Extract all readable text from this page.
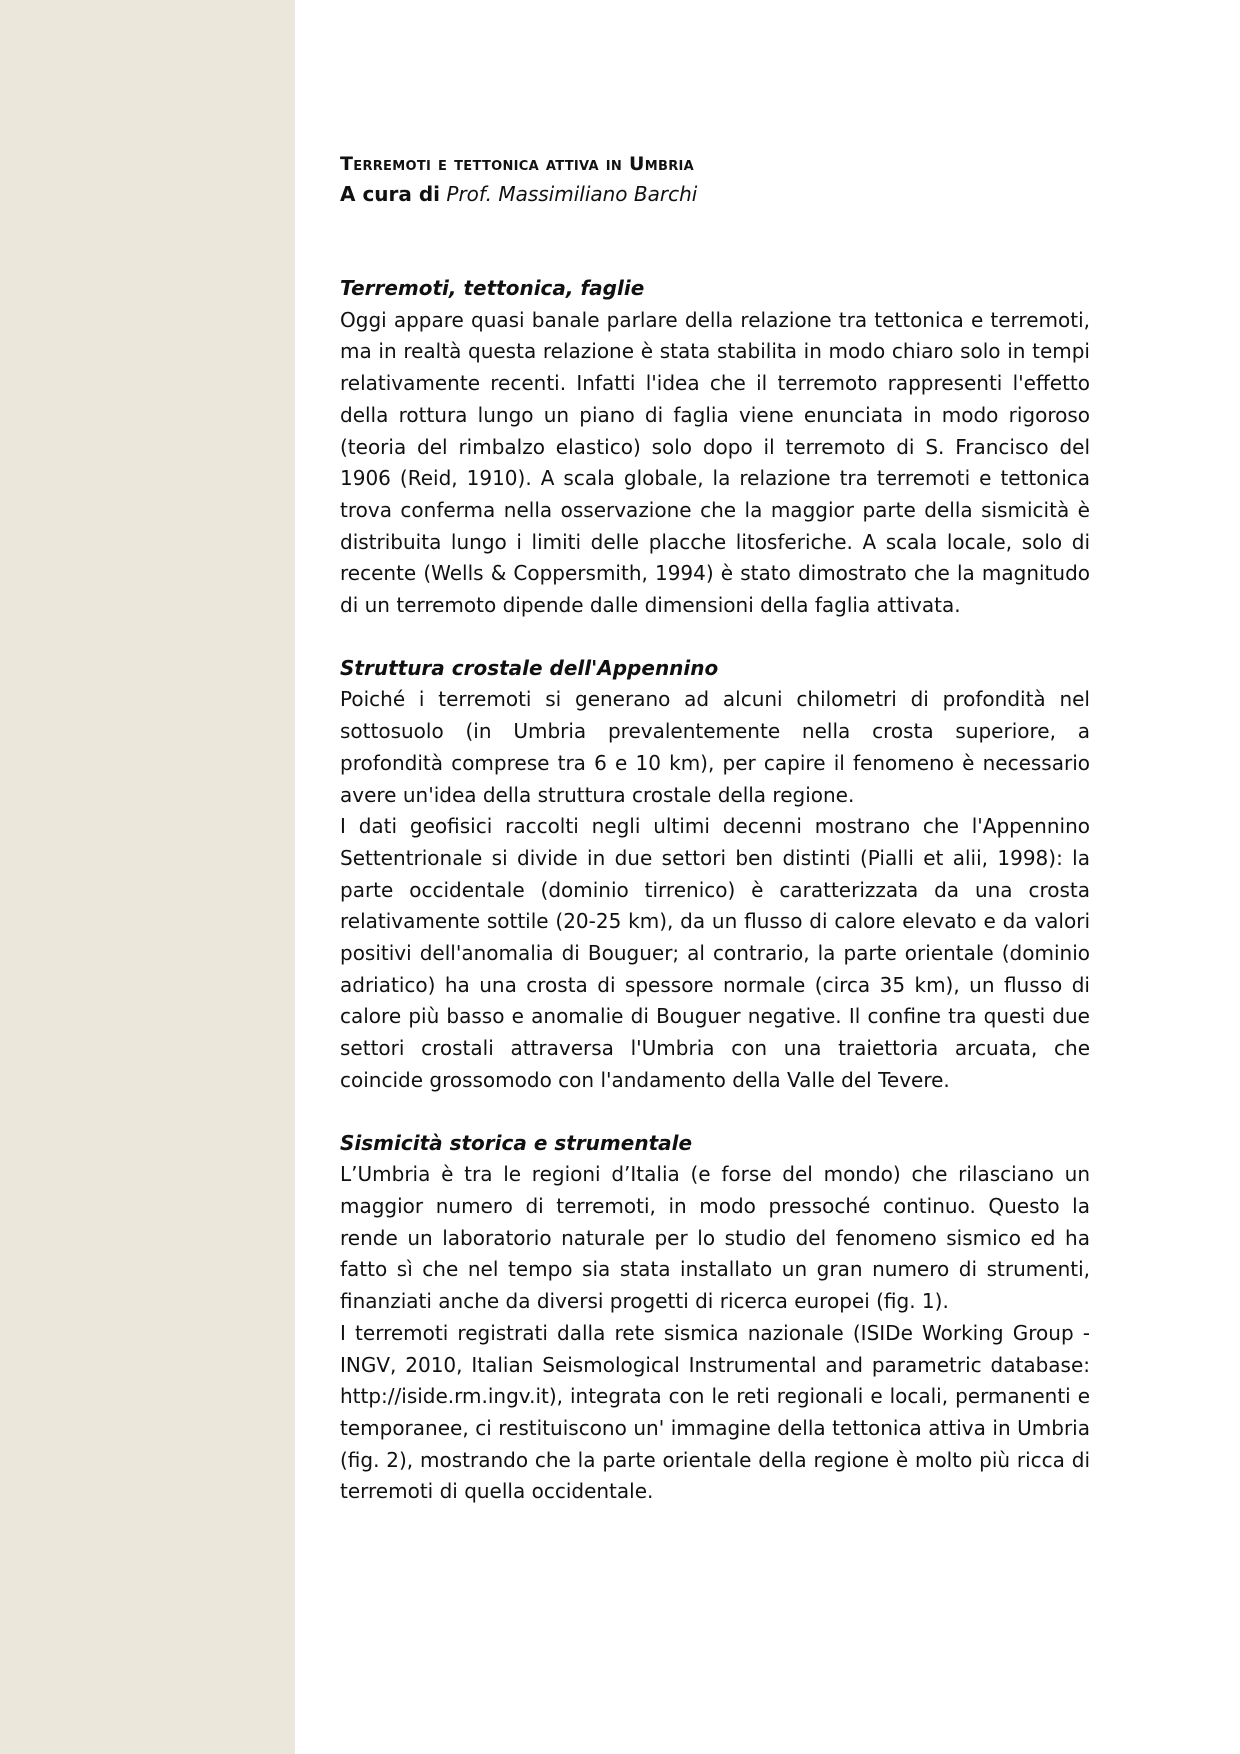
Terremoti e tettonica attiva in Umbria

A cura di Prof. Massimiliano Barchi

Terremoti, tettonica, faglie

Oggi appare quasi banale parlare della relazione tra tettonica e terremoti, ma in realtà questa relazione è stata stabilita in modo chiaro solo in tempi relativamente recenti. Infatti l'idea che il terremoto rappresenti l'effetto della rottura lungo un piano di faglia viene enunciata in modo rigoroso (teoria del rimbalzo elastico) solo dopo il terremoto di S. Francisco del 1906 (Reid, 1910). A scala globale, la relazione tra terremoti e tettonica trova conferma nella osservazione che la maggior parte della sismicità è distribuita lungo i limiti delle placche litosferiche. A scala locale, solo di recente (Wells & Coppersmith, 1994) è stato dimostrato che la magnitudo di un terremoto dipende dalle dimensioni della faglia attivata.

Struttura crostale dell'Appennino

Poiché i terremoti si generano ad alcuni chilometri di profondità nel sottosuolo (in Umbria prevalentemente nella crosta superiore, a profondità comprese tra 6 e 10 km), per capire il fenomeno è necessario avere un'idea della struttura crostale della regione.

I dati geofisici raccolti negli ultimi decenni mostrano che l'Appennino Settentrionale si divide in due settori ben distinti (Pialli et alii, 1998): la parte occidentale (dominio tirrenico) è caratterizzata da una crosta relativamente sottile (20-25 km), da un flusso di calore elevato e da valori positivi dell'anomalia di Bouguer; al contrario, la parte orientale (dominio adriatico) ha una crosta di spessore normale (circa 35 km), un flusso di calore più basso e anomalie di Bouguer negative. Il confine tra questi due settori crostali attraversa l'Umbria con una traiettoria arcuata, che coincide grossomodo con l'andamento della Valle del Tevere.

Sismicità storica e strumentale

L’Umbria è tra le regioni d’Italia (e forse del mondo) che rilasciano un maggior numero di terremoti, in modo pressoché continuo. Questo la rende un laboratorio naturale per lo studio del fenomeno sismico ed ha fatto sì che nel tempo sia stata installato un gran numero di strumenti, finanziati anche da diversi progetti di ricerca europei (fig. 1).

I terremoti registrati dalla rete sismica nazionale (ISIDe Working Group - INGV, 2010, Italian Seismological Instrumental and parametric database: http://iside.rm.ingv.it), integrata con le reti regionali e locali, permanenti e temporanee, ci restituiscono un' immagine della tettonica attiva in Umbria (fig. 2), mostrando che la parte orientale della regione è molto più ricca di terremoti di quella occidentale.
